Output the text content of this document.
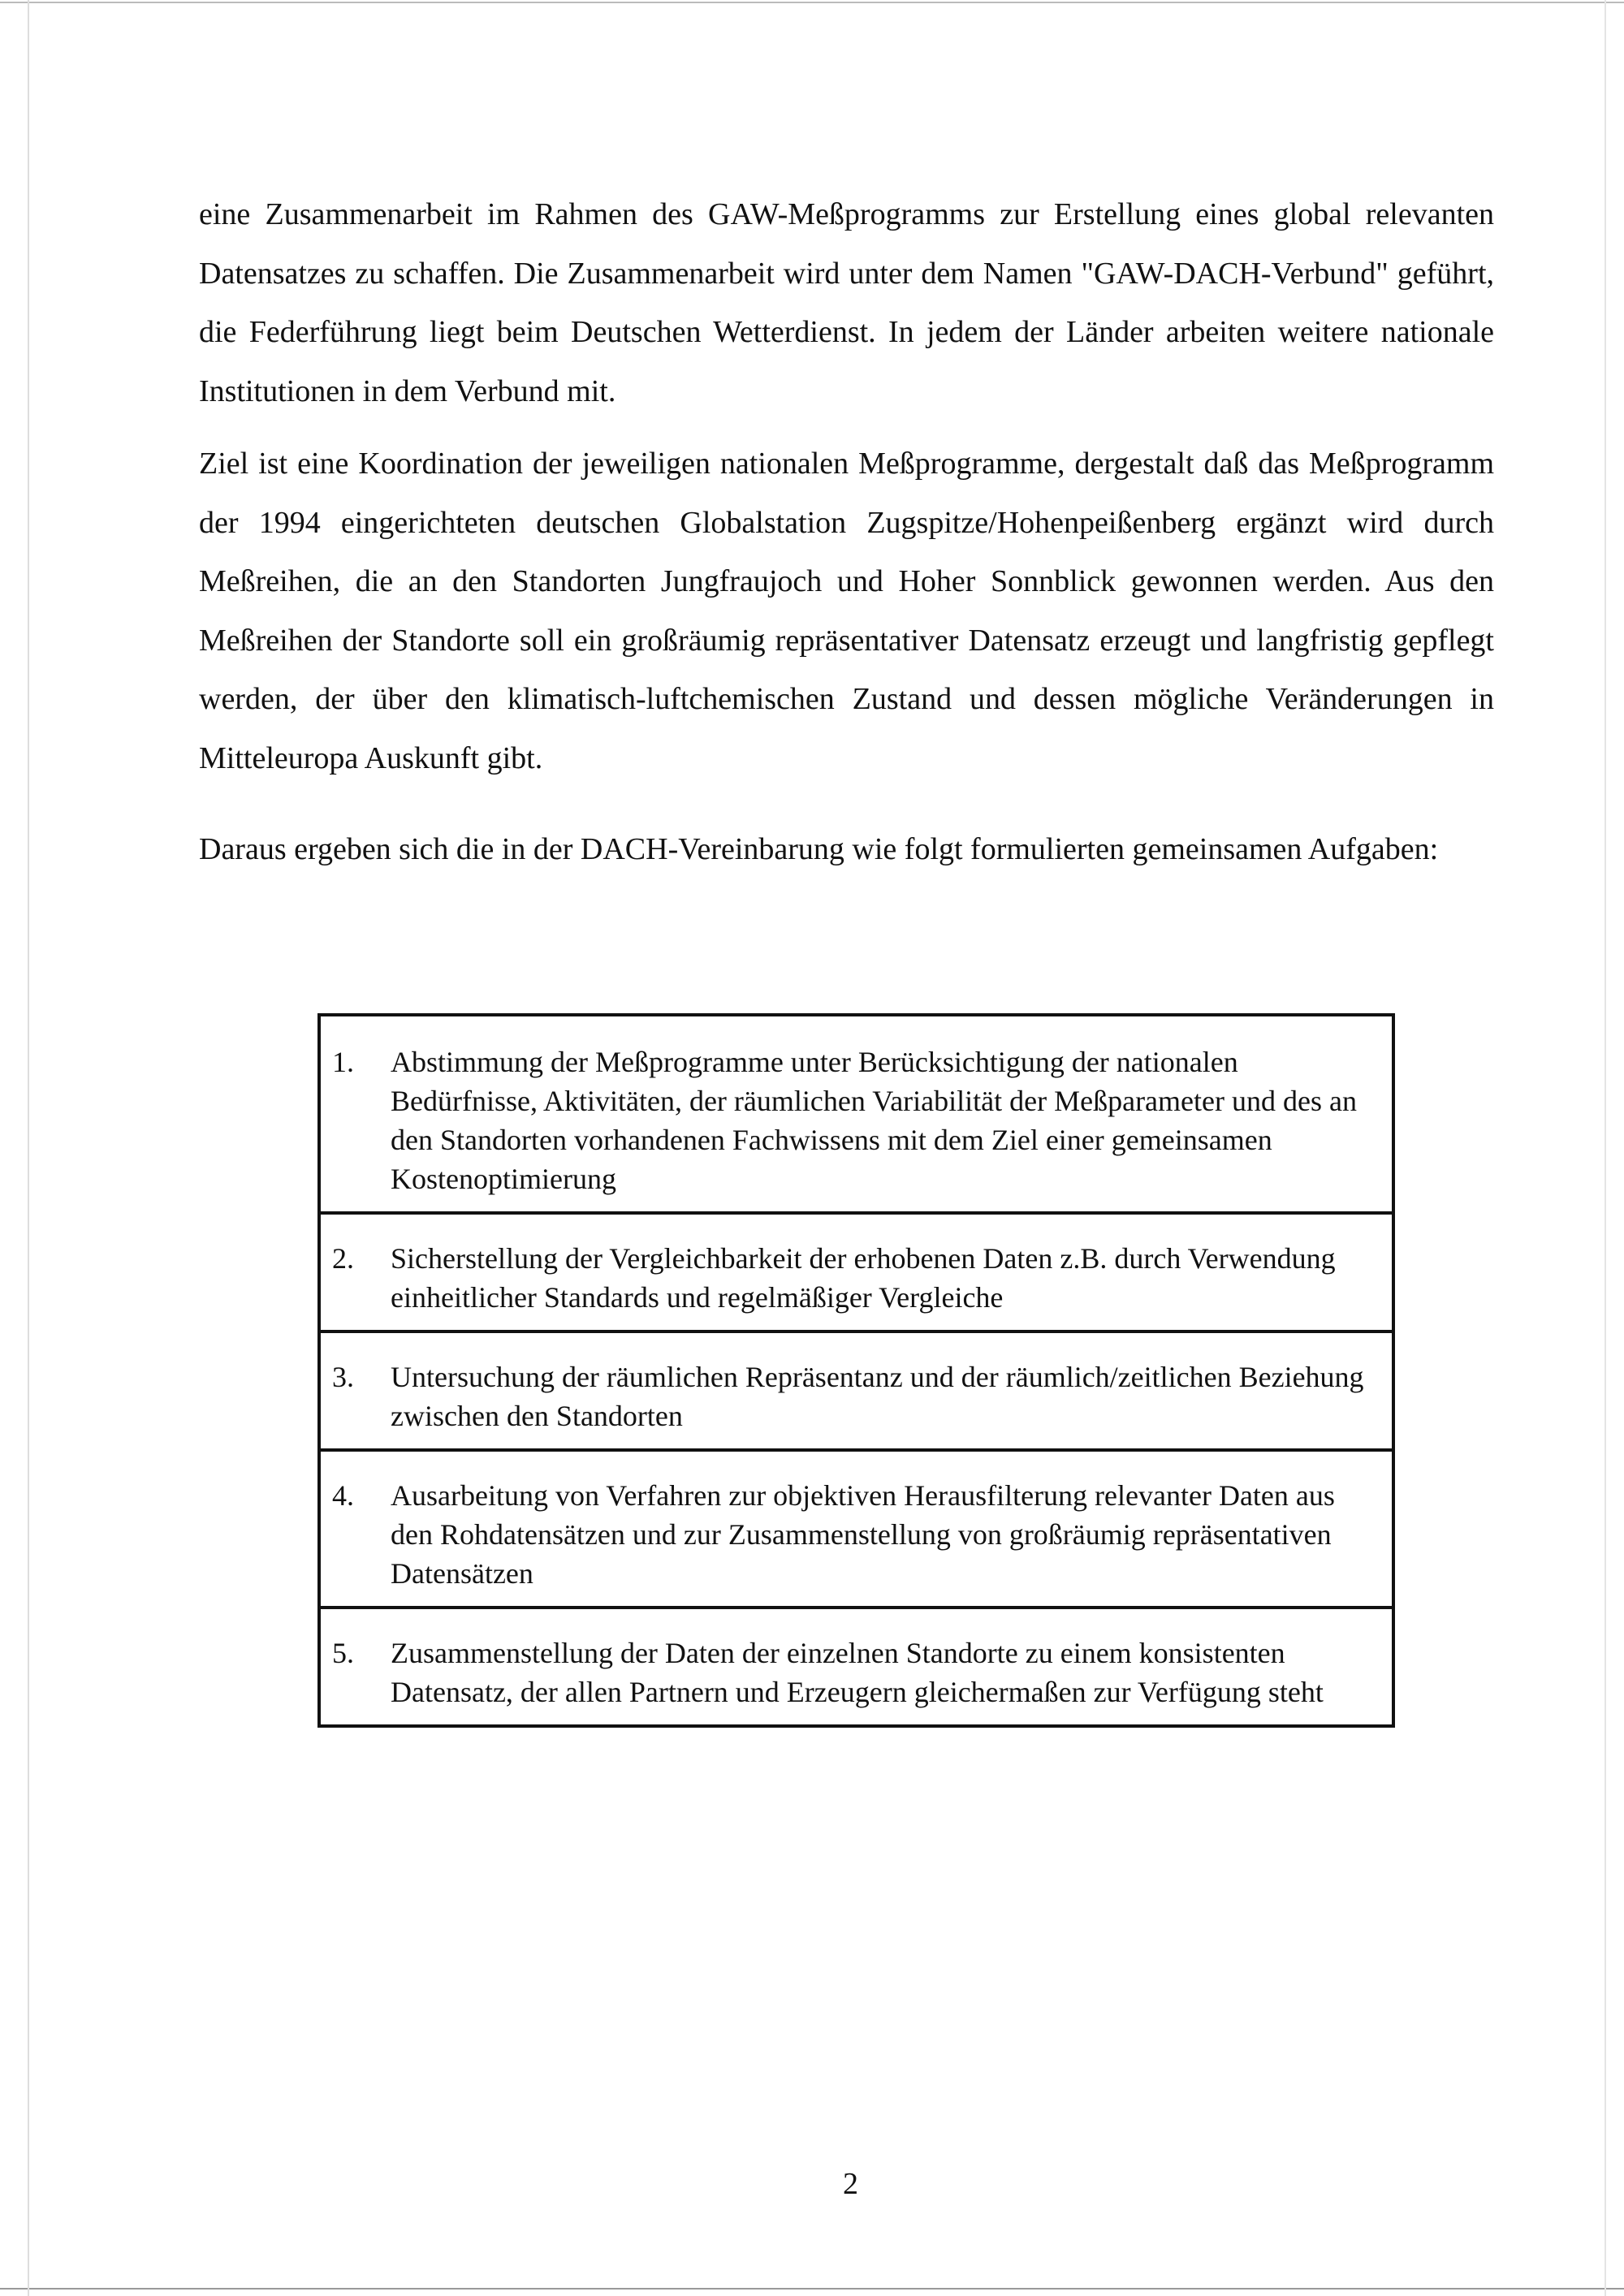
eine Zusammenarbeit im Rahmen des GAW-Meßprogramms zur Erstellung eines global relevanten Datensatzes zu schaffen. Die Zusammenarbeit wird unter dem Namen "GAW-DACH-Verbund" geführt, die Federführung liegt beim Deutschen Wetterdienst. In jedem der Länder arbeiten weitere nationale Institutionen in dem Verbund mit.

Ziel ist eine Koordination der jeweiligen nationalen Meßprogramme, dergestalt daß das Meßprogramm der 1994 eingerichteten deutschen Globalstation Zugspitze/Hohenpeißenberg ergänzt wird durch Meßreihen, die an den Standorten Jungfraujoch und Hoher Sonnblick gewonnen werden. Aus den Meßreihen der Standorte soll ein großräumig repräsentativer Datensatz erzeugt und langfristig gepflegt werden, der über den klimatisch-luftchemischen Zustand und dessen mögliche Veränderungen in Mitteleuropa Auskunft gibt.

Daraus ergeben sich die in der DACH-Vereinbarung wie folgt formulierten gemeinsamen Aufgaben:

1.	Abstimmung der Meßprogramme unter Berücksichtigung der nationalen Bedürfnisse, Aktivitäten, der räumlichen Variabilität der Meßparameter und des an den Standorten vorhandenen Fachwissens mit dem Ziel einer gemeinsamen Kostenoptimierung
2.	Sicherstellung der Vergleichbarkeit der erhobenen Daten z.B. durch Verwendung einheitlicher Standards und regelmäßiger Vergleiche
3.	Untersuchung der räumlichen Repräsentanz und der räumlich/zeitlichen Beziehung zwischen den Standorten
4.	Ausarbeitung von Verfahren zur objektiven Herausfilterung relevanter Daten aus den Rohdatensätzen und zur Zusammenstellung von großräumig repräsentativen Datensätzen
5.	Zusammenstellung der Daten der einzelnen Standorte zu einem konsistenten Datensatz, der allen Partnern und Erzeugern gleichermaßen zur Verfügung steht
2
